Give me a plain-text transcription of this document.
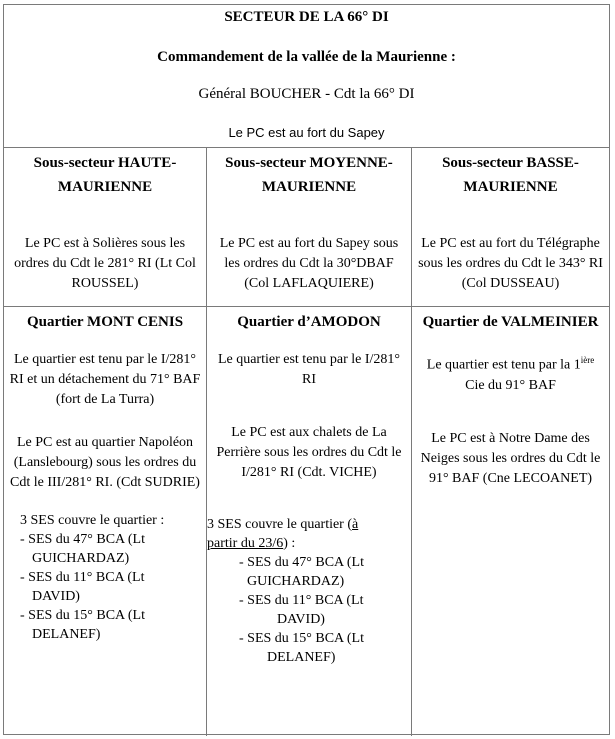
SECTEUR DE LA 66° DI
Commandement de la vallée de la Maurienne :
Général BOUCHER - Cdt la 66° DI
Le PC est au fort du Sapey
Sous-secteur HAUTE-MAURIENNE
Le PC est à Solières sous les ordres du Cdt le 281° RI (Lt Col ROUSSEL)
Sous-secteur MOYENNE-MAURIENNE
Le PC est au fort du Sapey sous les ordres du Cdt la 30°DBAF (Col LAFLAQUIERE)
Sous-secteur BASSE-MAURIENNE
Le PC est au fort du Télégraphe sous les ordres du Cdt le 343° RI (Col DUSSEAU)
Quartier MONT CENIS
Le quartier est tenu par le I/281° RI et un détachement du 71° BAF (fort de La Turra)
Le PC est au quartier Napoléon (Lanslebourg) sous les ordres du Cdt le III/281° RI. (Cdt SUDRIE)
3 SES couvre le quartier :
- SES du 47° BCA (Lt
GUICHARDAZ)
- SES du 11° BCA (Lt
DAVID)
- SES du 15° BCA (Lt
DELANEF)
Quartier d’AMODON
Le quartier est tenu par le I/281° RI
Le PC est aux chalets de La Perrière sous les ordres du Cdt le I/281° RI (Cdt. VICHE)
3 SES couvre le quartier (à
partir du 23/6) :
- SES du 47° BCA (Lt
GUICHARDAZ)
- SES du 11° BCA (Lt
DAVID)
- SES du 15° BCA (Lt
DELANEF)
Quartier de VALMEINIER
Le quartier est tenu par la $1^{ière}$ Cie du 91° BAF
Le PC est à Notre Dame des Neiges sous les ordres du Cdt le 91° BAF (Cne LECOANET)
